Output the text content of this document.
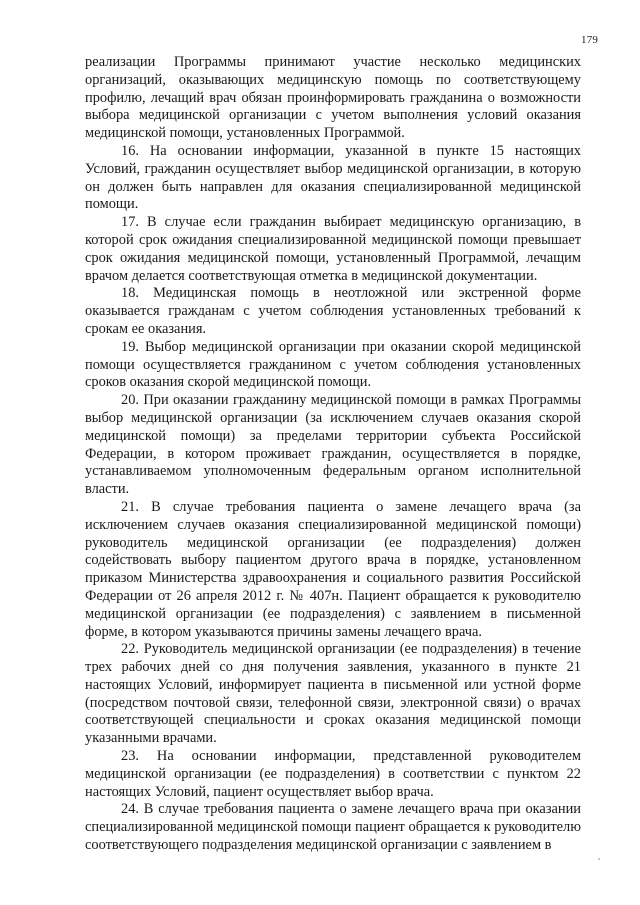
179

реализации Программы принимают участие несколько медицинских организаций, оказывающих медицинскую помощь по соответствующему профилю, лечащий врач обязан проинформировать гражданина о возможности выбора медицинской организации с учетом выполнения условий оказания медицинской помощи, установленных Программой.

16. На основании информации, указанной в пункте 15 настоящих Условий, гражданин осуществляет выбор медицинской организации, в которую он должен быть направлен для оказания специализированной медицинской помощи.

17. В случае если гражданин выбирает медицинскую организацию, в которой срок ожидания специализированной медицинской помощи превышает срок ожидания медицинской помощи, установленный Программой, лечащим врачом делается соответствующая отметка в медицинской документации.

18. Медицинская помощь в неотложной или экстренной форме оказывается гражданам с учетом соблюдения установленных требований к срокам ее оказания.

19. Выбор медицинской организации при оказании скорой медицинской помощи осуществляется гражданином с учетом соблюдения установленных сроков оказания скорой медицинской помощи.

20. При оказании гражданину медицинской помощи в рамках Программы выбор медицинской организации (за исключением случаев оказания скорой медицинской помощи) за пределами территории субъекта Российской Федерации, в котором проживает гражданин, осуществляется в порядке, устанавливаемом уполномоченным федеральным органом исполнительной власти.

21. В случае требования пациента о замене лечащего врача (за исключением случаев оказания специализированной медицинской помощи) руководитель медицинской организации (ее подразделения) должен содействовать выбору пациентом другого врача в порядке, установленном приказом Министерства здравоохранения и социального развития Российской Федерации от 26 апреля 2012 г. № 407н. Пациент обращается к руководителю медицинской организации (ее подразделения) с заявлением в письменной форме, в котором указываются причины замены лечащего врача.

22. Руководитель медицинской организации (ее подразделения) в течение трех рабочих дней со дня получения заявления, указанного в пункте 21 настоящих Условий, информирует пациента в письменной или устной форме (посредством почтовой связи, телефонной связи, электронной связи) о врачах соответствующей специальности и сроках оказания медицинской помощи указанными врачами.

23. На основании информации, представленной руководителем медицинской организации (ее подразделения) в соответствии с пунктом 22 настоящих Условий, пациент осуществляет выбор врача.

24. В случае требования пациента о замене лечащего врача при оказании специализированной медицинской помощи пациент обращается к руководителю соответствующего подразделения медицинской организации с заявлением в
